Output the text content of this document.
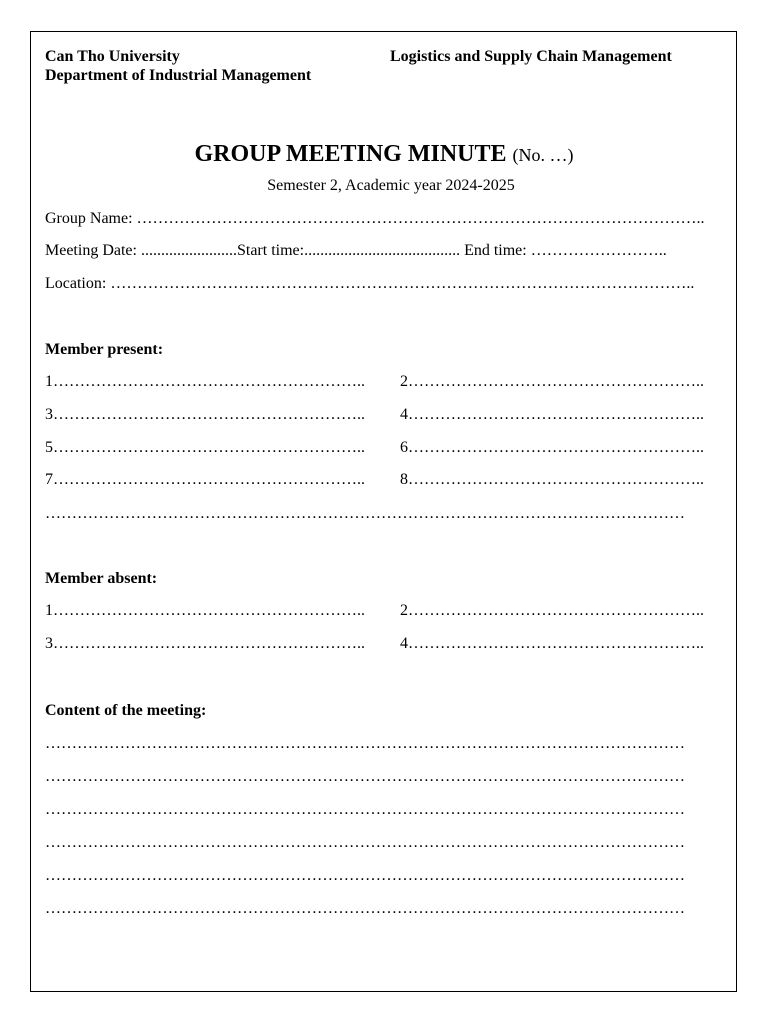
Can Tho University
Department of Industrial Management
Logistics and Supply Chain Management
GROUP MEETING MINUTE (No. …)
Semester 2, Academic year 2024-2025
Group Name: ……………………………………………………………………………………………..
Meeting Date: ........................Start time:....................................... End time: ……………………..
Location: ………………………………………………………………………………………………..
Member present:
1…………………………………………………..	2………………………………………………..
3…………………………………………………..	4………………………………………………..
5…………………………………………………..	6………………………………………………..
7…………………………………………………..	8………………………………………………..
…………………………………………………………………………………………………………
Member absent:
1…………………………………………………..	2………………………………………………..
3…………………………………………………..	4………………………………………………..
Content of the meeting:
…………………………………………………………………………………………………………
…………………………………………………………………………………………………………
…………………………………………………………………………………………………………
…………………………………………………………………………………………………………
…………………………………………………………………………………………………………
…………………………………………………………………………………………………………
